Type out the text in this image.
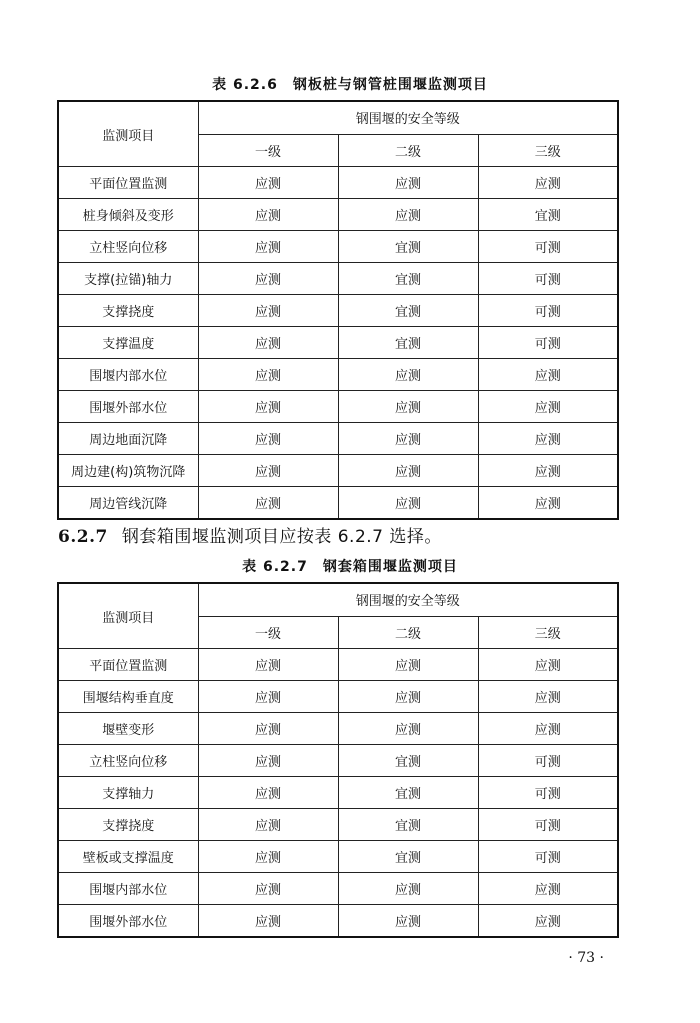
表 6.2.6　钢板桩与钢管桩围堰监测项目
监测项目	钢围堰的安全等级		
	一级	二级	三级
平面位置监测	应测	应测	应测
桩身倾斜及变形	应测	应测	宜测
立柱竖向位移	应测	宜测	可测
支撑(拉锚)轴力	应测	宜测	可测
支撑挠度	应测	宜测	可测
支撑温度	应测	宜测	可测
围堰内部水位	应测	应测	应测
围堰外部水位	应测	应测	应测
周边地面沉降	应测	应测	应测
周边建(构)筑物沉降	应测	应测	应测
周边管线沉降	应测	应测	应测
6.2.7 钢套箱围堰监测项目应按表 6.2.7 选择。
表 6.2.7　钢套箱围堰监测项目
监测项目	钢围堰的安全等级		
	一级	二级	三级
平面位置监测	应测	应测	应测
围堰结构垂直度	应测	应测	应测
堰壁变形	应测	应测	应测
立柱竖向位移	应测	宜测	可测
支撑轴力	应测	宜测	可测
支撑挠度	应测	宜测	可测
壁板或支撑温度	应测	宜测	可测
围堰内部水位	应测	应测	应测
围堰外部水位	应测	应测	应测
· 73 ·
